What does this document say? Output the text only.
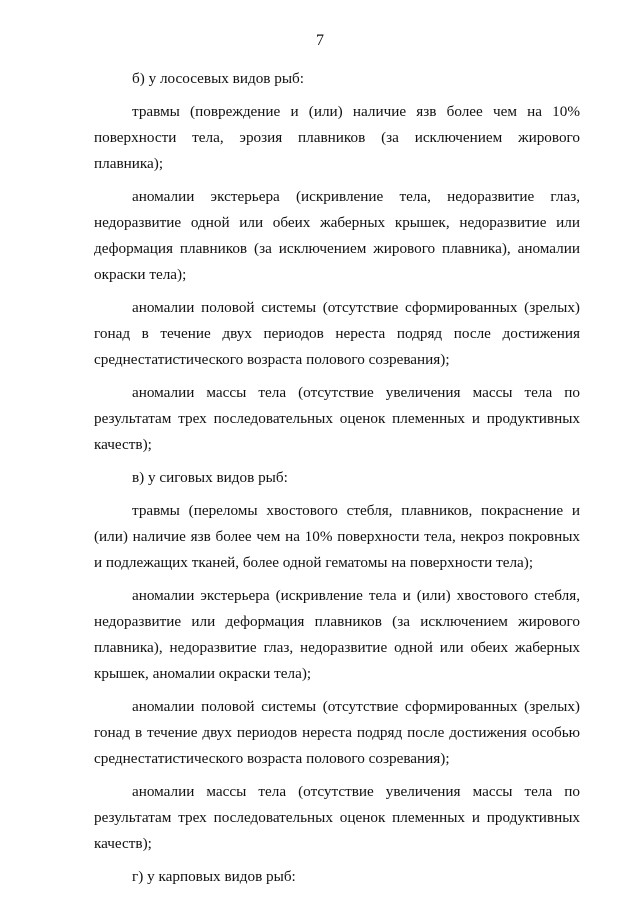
7

б) у лососевых видов рыб:

травмы (повреждение и (или) наличие язв более чем на 10% поверхности тела, эрозия плавников (за исключением жирового плавника);

аномалии экстерьера (искривление тела, недоразвитие глаз, недоразвитие одной или обеих жаберных крышек, недоразвитие или деформация плавников (за исключением жирового плавника), аномалии окраски тела);

аномалии половой системы (отсутствие сформированных (зрелых) гонад в течение двух периодов нереста подряд после достижения среднестатистического возраста полового созревания);

аномалии массы тела (отсутствие увеличения массы тела по результатам трех последовательных оценок племенных и продуктивных качеств);

в) у сиговых видов рыб:

травмы (переломы хвостового стебля, плавников, покраснение и (или) наличие язв более чем на 10% поверхности тела, некроз покровных и подлежащих тканей, более одной гематомы на поверхности тела);

аномалии экстерьера (искривление тела и (или) хвостового стебля, недоразвитие или деформация плавников (за исключением жирового плавника), недоразвитие глаз, недоразвитие одной или обеих жаберных крышек, аномалии окраски тела);

аномалии половой системы (отсутствие сформированных (зрелых) гонад в течение двух периодов нереста подряд после достижения особью среднестатистического возраста полового созревания);

аномалии массы тела (отсутствие увеличения массы тела по результатам трех последовательных оценок племенных и продуктивных качеств);

г) у карповых видов рыб:
